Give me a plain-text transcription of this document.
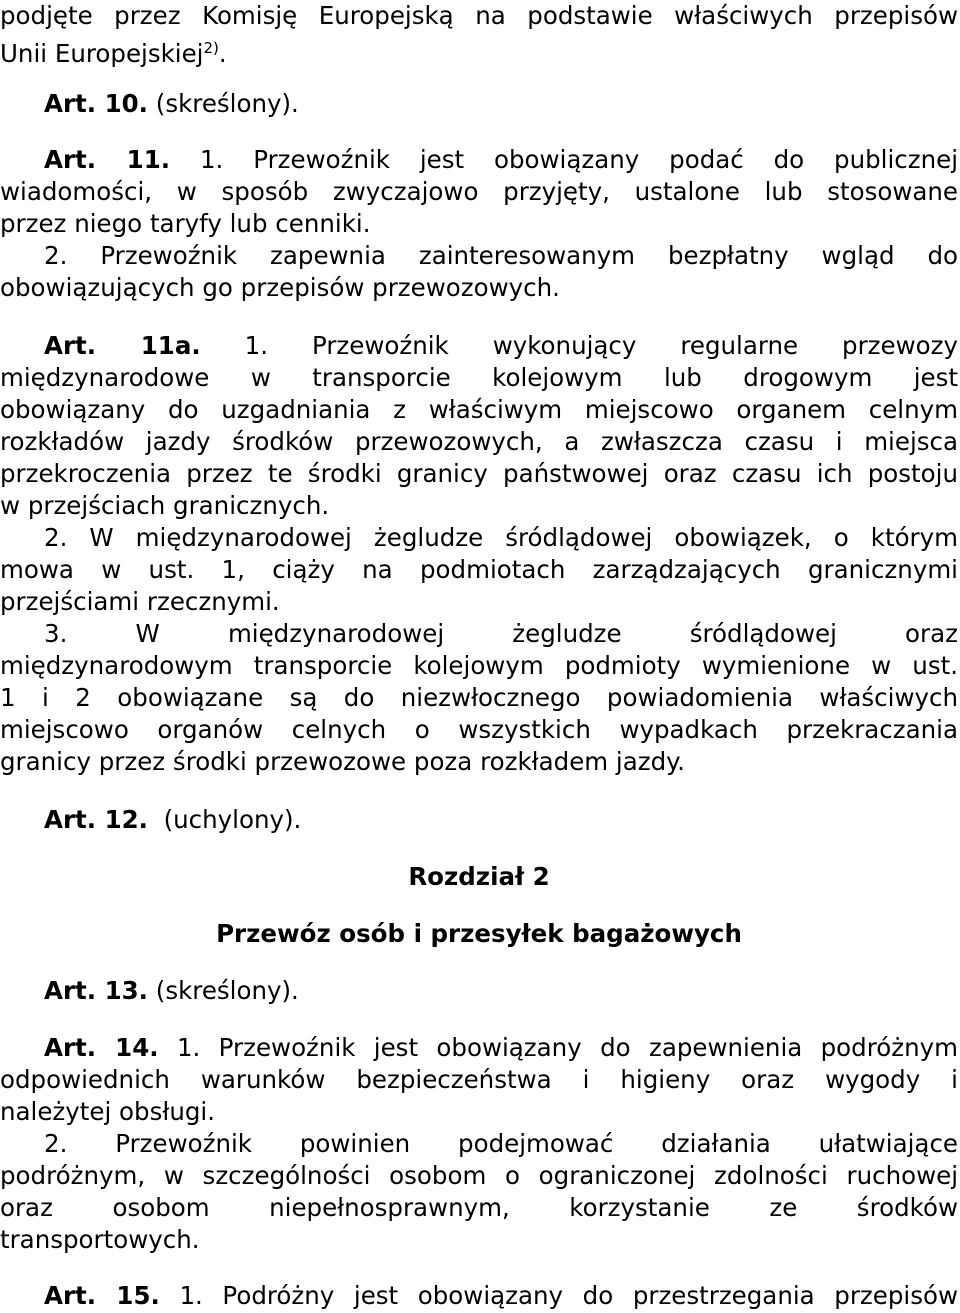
podjęte przez Komisję Europejską na podstawie właściwych przepisów
Unii Europejskiej$^{2)}$.
Art. 10. (skreślony).
Art. 11. 1. Przewoźnik jest obowiązany podać do publicznej
wiadomości, w sposób zwyczajowo przyjęty, ustalone lub stosowane
przez niego taryfy lub cenniki.
2. Przewoźnik zapewnia zainteresowanym bezpłatny wgląd do
obowiązujących go przepisów przewozowych.
Art. 11a. 1. Przewoźnik wykonujący regularne przewozy
międzynarodowe w transporcie kolejowym lub drogowym jest
obowiązany do uzgadniania z właściwym miejscowo organem celnym
rozkładów jazdy środków przewozowych, a zwłaszcza czasu i miejsca
przekroczenia przez te środki granicy państwowej oraz czasu ich postoju
w przejściach granicznych.
2. W międzynarodowej żegludze śródlądowej obowiązek, o którym
mowa w ust. 1, ciąży na podmiotach zarządzających granicznymi
przejściami rzecznymi.
3. W międzynarodowej żegludze śródlądowej oraz
międzynarodowym transporcie kolejowym podmioty wymienione w ust.
1 i 2 obowiązane są do niezwłocznego powiadomienia właściwych
miejscowo organów celnych o wszystkich wypadkach przekraczania
granicy przez środki przewozowe poza rozkładem jazdy.
Art. 12.  (uchylony).
Rozdział 2
Przewóz osób i przesyłek bagażowych
Art. 13. (skreślony).
Art. 14. 1. Przewoźnik jest obowiązany do zapewnienia podróżnym
odpowiednich warunków bezpieczeństwa i higieny oraz wygody i
należytej obsługi.
2. Przewoźnik powinien podejmować działania ułatwiające
podróżnym, w szczególności osobom o ograniczonej zdolności ruchowej
oraz osobom niepełnosprawnym, korzystanie ze środków
transportowych.
Art. 15. 1. Podróżny jest obowiązany do przestrzegania przepisów
